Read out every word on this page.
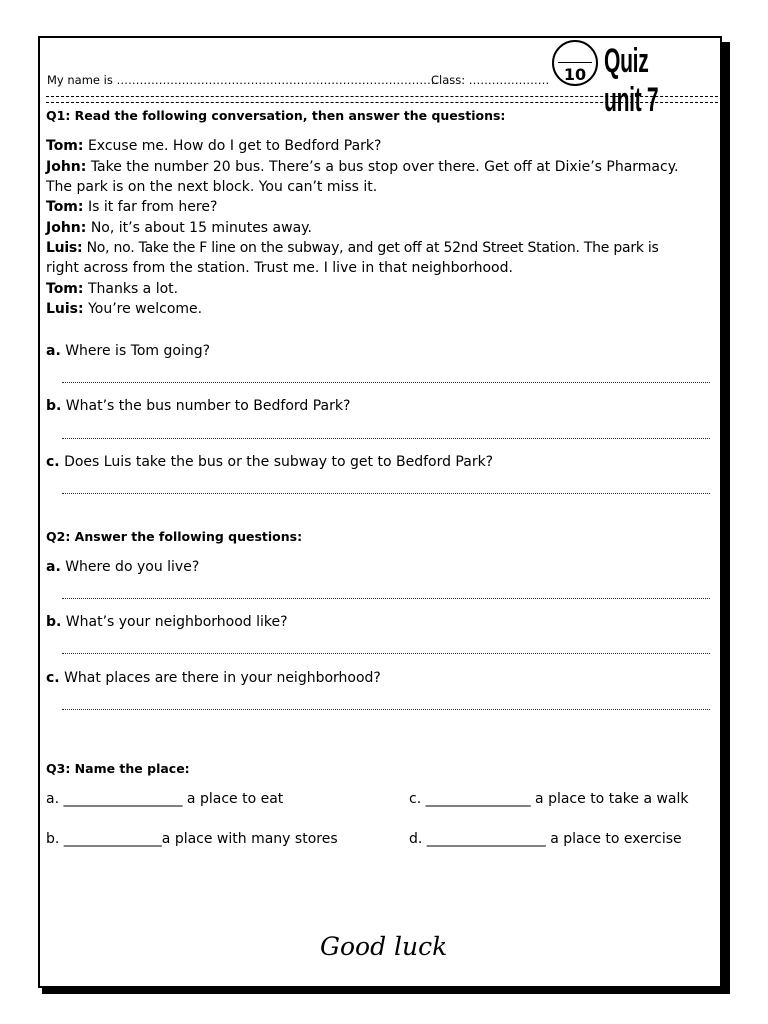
My name is …………………………………………………………………………
Class: ………………… 10 Quiz unit 7
Q1: Read the following conversation, then answer the questions:
Tom: Excuse me. How do I get to Bedford Park?
John: Take the number 20 bus. There’s a bus stop over there. Get off at Dixie’s Pharmacy.
The park is on the next block. You can’t miss it.
Tom: Is it far from here?
John: No, it’s about 15 minutes away.
Luis: No, no. Take the F line on the subway, and get off at 52nd Street Station. The park is
right across from the station. Trust me. I live in that neighborhood.
Tom: Thanks a lot.
Luis: You’re welcome.
a. Where is Tom going?
b. What’s the bus number to Bedford Park?
c. Does Luis take the bus or the subway to get to Bedford Park?
Q2: Answer the following questions:
a. Where do you live?
b. What’s your neighborhood like?
c. What places are there in your neighborhood?
Q3: Name the place:
a. _________________ a place to eat	c. _______________ a place to take a walk
b. ______________a place with many stores	d. _________________ a place to exercise
Good luck
